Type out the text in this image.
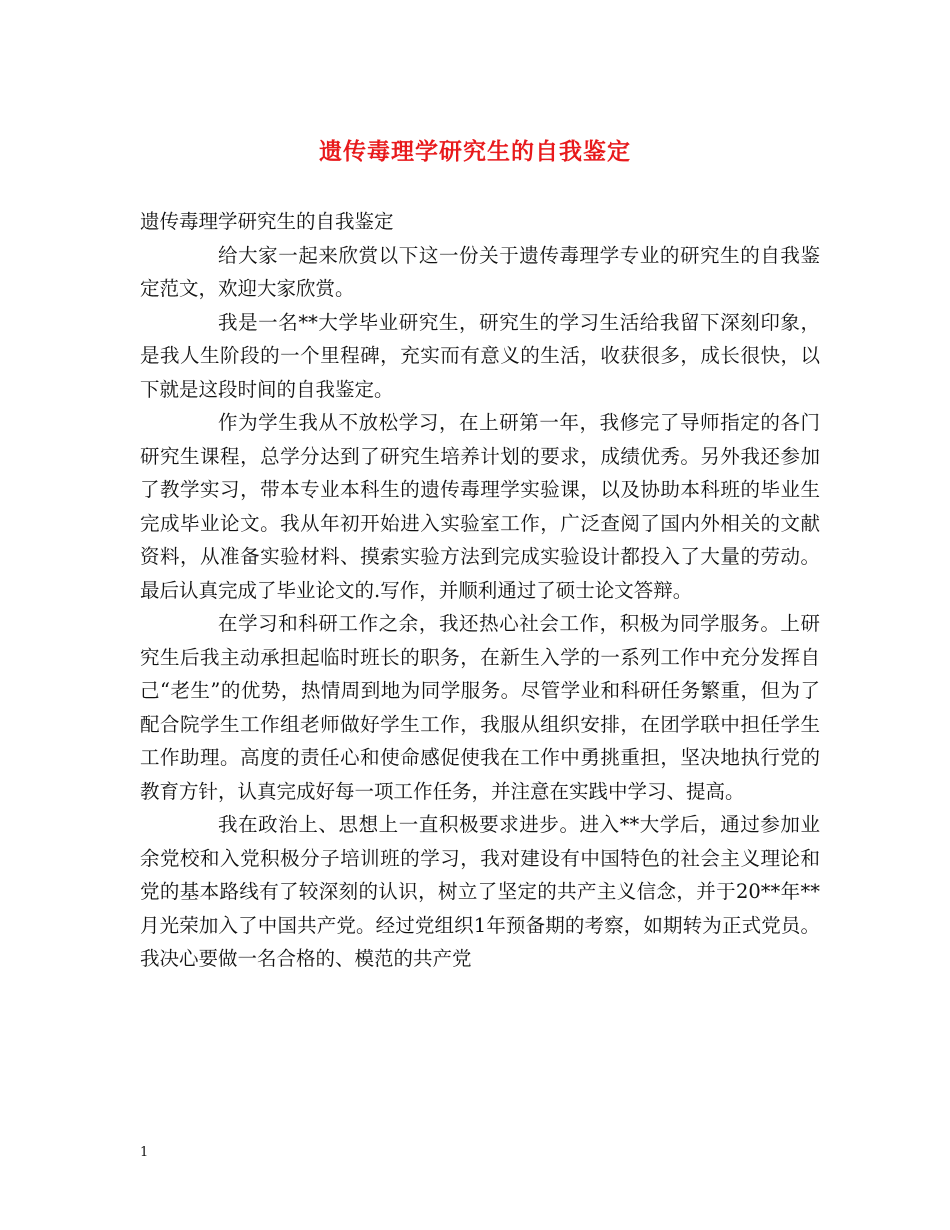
遗传毒理学研究生的自我鉴定

遗传毒理学研究生的自我鉴定

给大家一起来欣赏以下这一份关于遗传毒理学专业的研究生的自我鉴定范文，欢迎大家欣赏。

我是一名**大学毕业研究生，研究生的学习生活给我留下深刻印象，是我人生阶段的一个里程碑，充实而有意义的生活，收获很多，成长很快，以下就是这段时间的自我鉴定。

作为学生我从不放松学习，在上研第一年，我修完了导师指定的各门研究生课程，总学分达到了研究生培养计划的要求，成绩优秀。另外我还参加了教学实习，带本专业本科生的遗传毒理学实验课，以及协助本科班的毕业生完成毕业论文。我从年初开始进入实验室工作，广泛查阅了国内外相关的文献资料，从准备实验材料、摸索实验方法到完成实验设计都投入了大量的劳动。最后认真完成了毕业论文的.写作，并顺利通过了硕士论文答辩。

在学习和科研工作之余，我还热心社会工作，积极为同学服务。上研究生后我主动承担起临时班长的职务，在新生入学的一系列工作中充分发挥自己“老生”的优势，热情周到地为同学服务。尽管学业和科研任务繁重，但为了配合院学生工作组老师做好学生工作，我服从组织安排，在团学联中担任学生工作助理。高度的责任心和使命感促使我在工作中勇挑重担，坚决地执行党的教育方针，认真完成好每一项工作任务，并注意在实践中学习、提高。

我在政治上、思想上一直积极要求进步。进入**大学后，通过参加业余党校和入党积极分子培训班的学习，我对建设有中国特色的社会主义理论和党的基本路线有了较深刻的认识，树立了坚定的共产主义信念，并于20**年**月光荣加入了中国共产党。经过党组织1年预备期的考察，如期转为正式党员。我决心要做一名合格的、模范的共产党

1
